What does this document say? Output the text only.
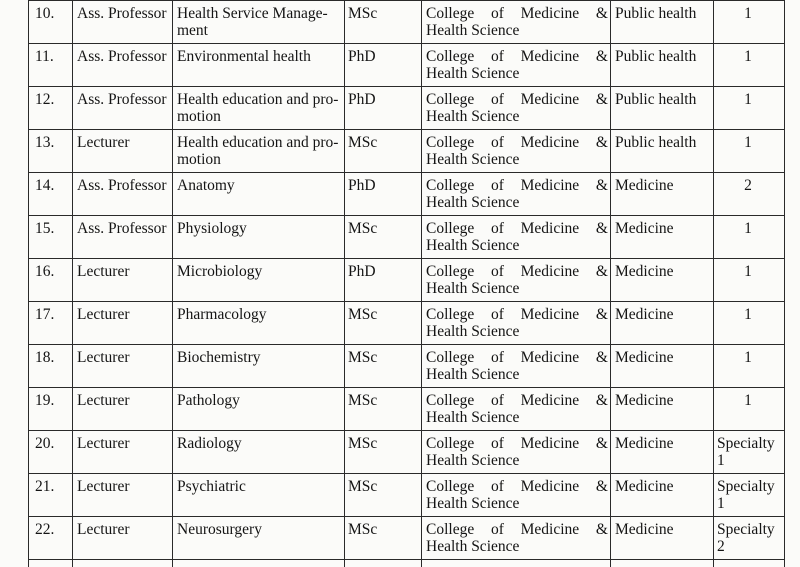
10.	Ass. Professor	Health Service Manage-
ment	MSc	College of Medicine &
Health Science	Public health	1
11.	Ass. Professor	Environmental health	PhD	College of Medicine &
Health Science	Public health	1
12.	Ass. Professor	Health education and pro-
motion	PhD	College of Medicine &
Health Science	Public health	1
13.	Lecturer	Health education and pro-
motion	MSc	College of Medicine &
Health Science	Public health	1
14.	Ass. Professor	Anatomy	PhD	College of Medicine &
Health Science	Medicine	2
15.	Ass. Professor	Physiology	MSc	College of Medicine &
Health Science	Medicine	1
16.	Lecturer	Microbiology	PhD	College of Medicine &
Health Science	Medicine	1
17.	Lecturer	Pharmacology	MSc	College of Medicine &
Health Science	Medicine	1
18.	Lecturer	Biochemistry	MSc	College of Medicine &
Health Science	Medicine	1
19.	Lecturer	Pathology	MSc	College of Medicine &
Health Science	Medicine	1
20.	Lecturer	Radiology	MSc	College of Medicine &
Health Science	Medicine	Specialty
1

21.	Lecturer	Psychiatric	MSc	College of Medicine &
Health Science	Medicine	Specialty
1

22.	Lecturer	Neurosurgery	MSc	College of Medicine &
Health Science	Medicine	Specialty
2
